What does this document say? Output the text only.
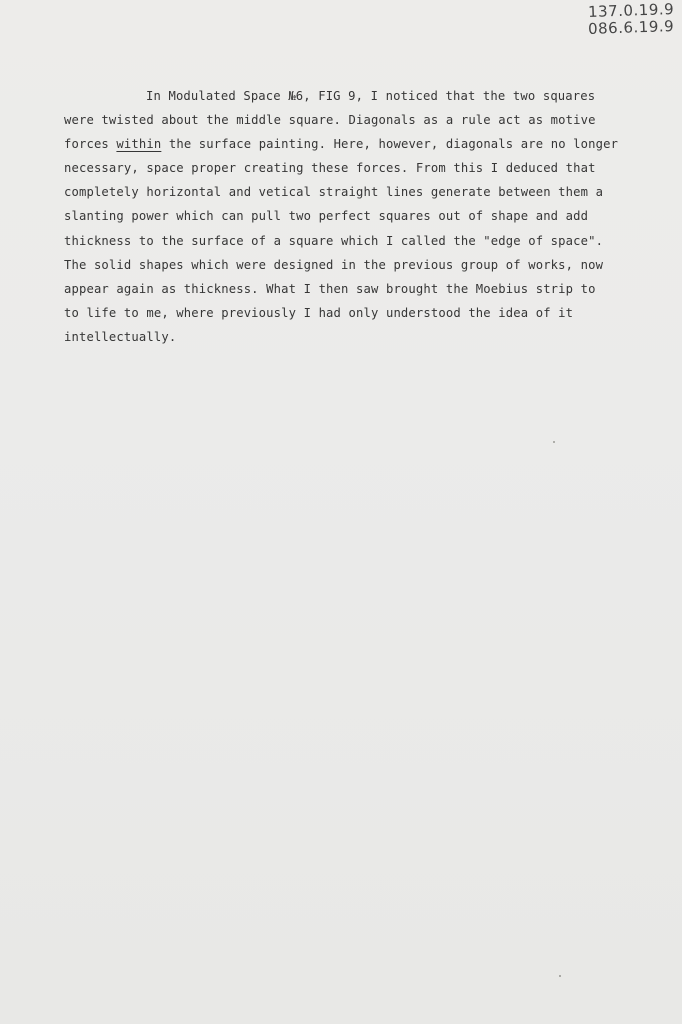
137.0.19.9
086.6.19.9
In Modulated Space №6, FIG 9, I noticed that the two squares
were twisted about the middle square. Diagonals as a rule act as motive
forces within the surface painting. Here, however, diagonals are no longer
necessary, space proper creating these forces. From this I deduced that
completely horizontal and vetical straight lines generate between them a
slanting power which can pull two perfect squares out of shape and add
thickness to the surface of a square which I called the "edge of space".
The solid shapes which were designed in the previous group of works, now
appear again as thickness. What I then saw brought the Moebius strip to
to life to me, where previously I had only understood the idea of it
intellectually.
